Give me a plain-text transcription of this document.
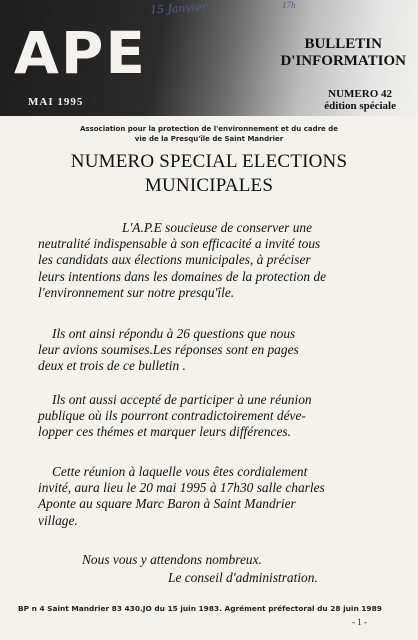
APE
MAI 1995
BULLETIN
D'INFORMATION
NUMERO 42
édition spéciale
15 Janvier	17h
Association pour la protection de l'environnement et du cadre de
vie de la Presqu'île de Saint Mandrier
NUMERO SPECIAL ELECTIONS
MUNICIPALES
L'A.P.E soucieuse de conserver une
neutralité indispensable à son efficacité a invité tous
les candidats aux élections municipales, à préciser
leurs intentions dans les domaines de la protection de
l'environnement sur notre presqu'île.
Ils ont ainsi répondu à 26 questions que nous
leur avions soumises.Les réponses sont en pages
deux et trois de ce bulletin .
Ils ont aussi accepté de participer à une réunion
publique où ils pourront contradictoirement déve-
lopper ces thémes et marquer leurs différences.
Cette réunion à laquelle vous êtes cordialement
invité, aura lieu le 20 mai 1995 à 17h30 salle charles
Aponte au square Marc Baron à Saint Mandrier
village.
Nous vous y attendons nombreux.
Le conseil d'administration.
BP n 4 Saint Mandrier 83 430.JO du 15 juin 1983. Agrément préfectoral du 28 juin 1989
- 1 -
